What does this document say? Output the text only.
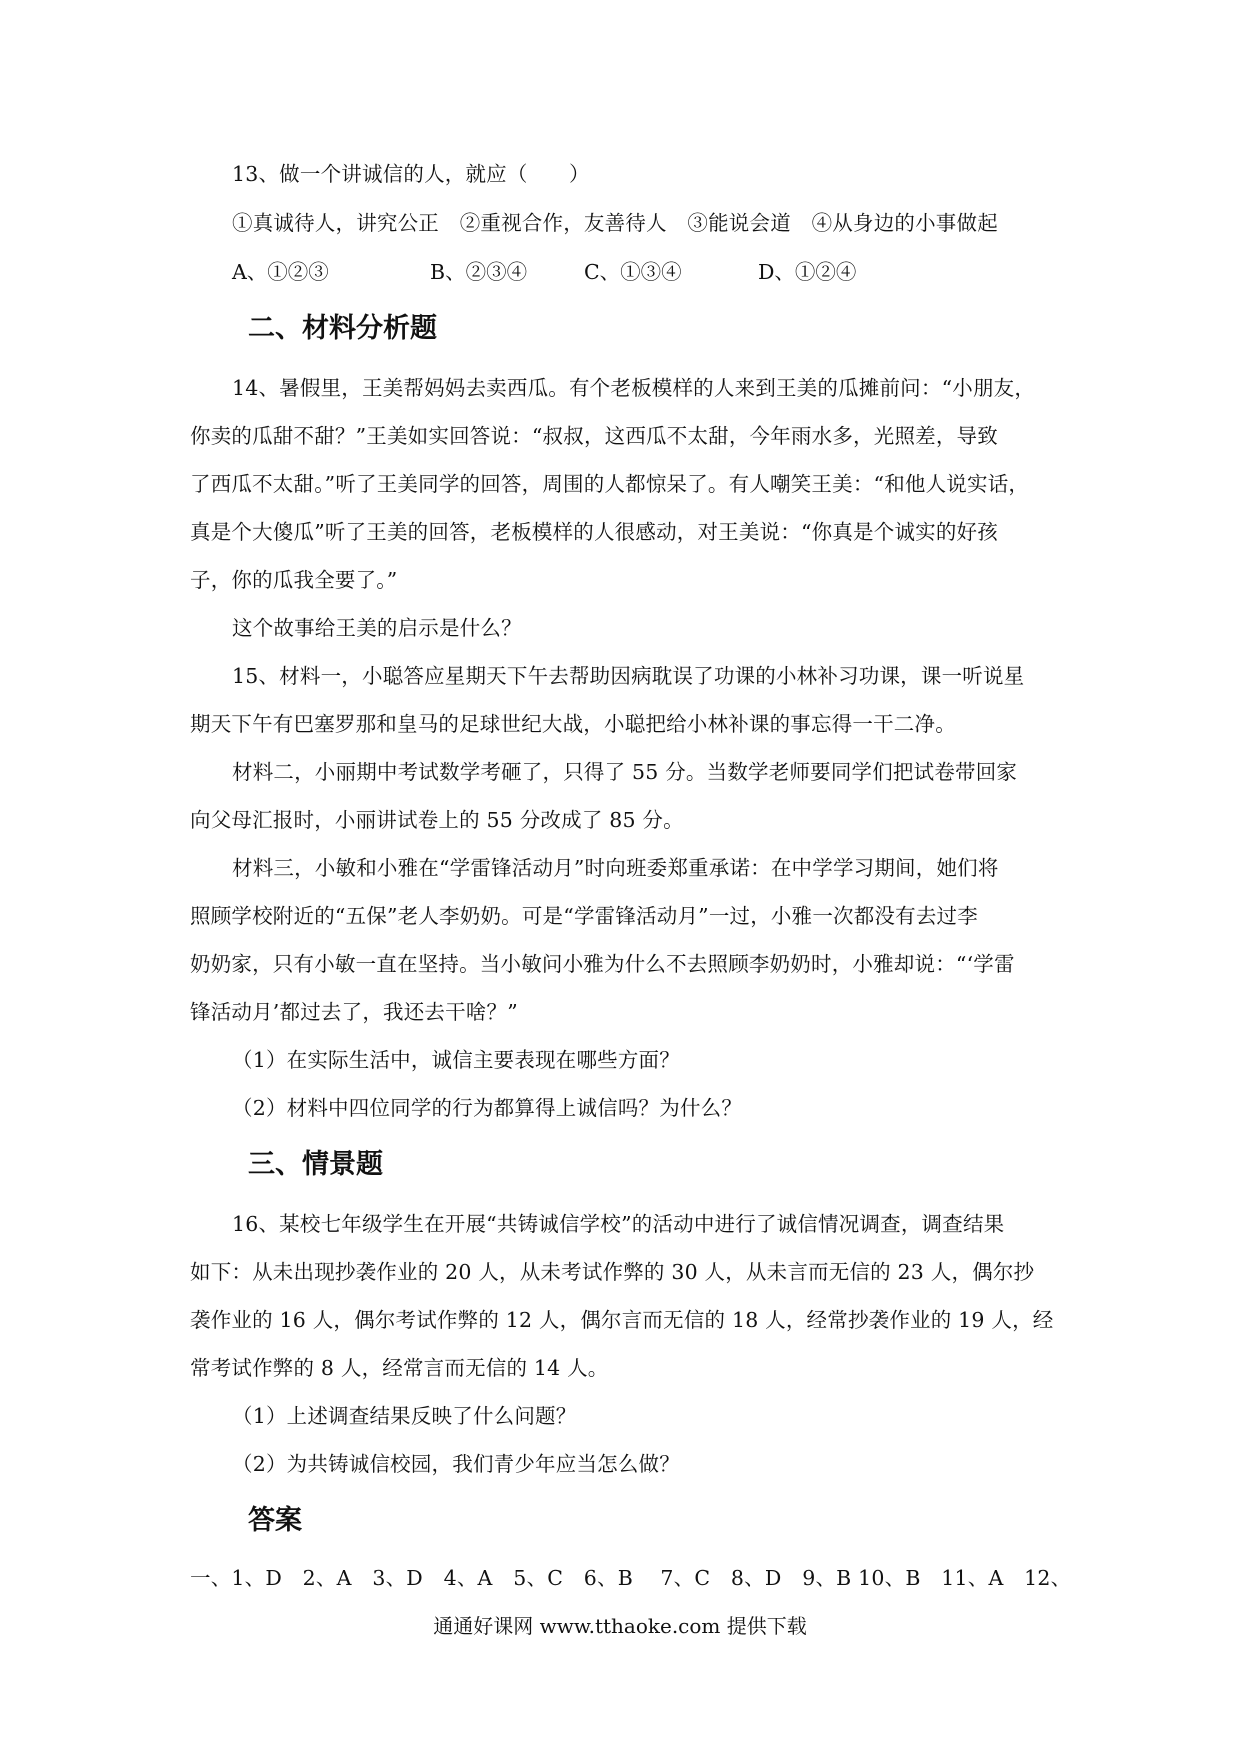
13、做一个讲诚信的人，就应（　　）
①真诚待人，讲究公正　②重视合作，友善待人　③能说会道　④从身边的小事做起
A、①②③	B、②③④	C、①③④	D、①②④
二、材料分析题
14、暑假里，王美帮妈妈去卖西瓜。有个老板模样的人来到王美的瓜摊前问：“小朋友，
你卖的瓜甜不甜？”王美如实回答说：“叔叔，这西瓜不太甜，今年雨水多，光照差，导致
了西瓜不太甜。”听了王美同学的回答，周围的人都惊呆了。有人嘲笑王美：“和他人说实话，
真是个大傻瓜”听了王美的回答，老板模样的人很感动，对王美说：“你真是个诚实的好孩
子，你的瓜我全要了。”
这个故事给王美的启示是什么？
15、材料一，小聪答应星期天下午去帮助因病耽误了功课的小林补习功课，课一听说星
期天下午有巴塞罗那和皇马的足球世纪大战，小聪把给小林补课的事忘得一干二净。
材料二，小丽期中考试数学考砸了，只得了 55 分。当数学老师要同学们把试卷带回家
向父母汇报时，小丽讲试卷上的 55 分改成了 85 分。
材料三，小敏和小雅在“学雷锋活动月”时向班委郑重承诺：在中学学习期间，她们将
照顾学校附近的“五保”老人李奶奶。可是“学雷锋活动月”一过，小雅一次都没有去过李
奶奶家，只有小敏一直在坚持。当小敏问小雅为什么不去照顾李奶奶时，小雅却说：“‘学雷
锋活动月’都过去了，我还去干啥？”
（1）在实际生活中，诚信主要表现在哪些方面？
（2）材料中四位同学的行为都算得上诚信吗？为什么？
三、情景题
16、某校七年级学生在开展“共铸诚信学校”的活动中进行了诚信情况调查，调查结果
如下：从未出现抄袭作业的 20 人，从未考试作弊的 30 人，从未言而无信的 23 人，偶尔抄
袭作业的 16 人，偶尔考试作弊的 12 人，偶尔言而无信的 18 人，经常抄袭作业的 19 人，经
常考试作弊的 8 人，经常言而无信的 14 人。
（1）上述调查结果反映了什么问题？
（2）为共铸诚信校园，我们青少年应当怎么做？
答案
一、1、D　2、A　3、D　4、A　5、C　6、B　 7、C　8、D　9、B 10、B　11、A　12、
通通好课网 www.tthaoke.com 提供下载
